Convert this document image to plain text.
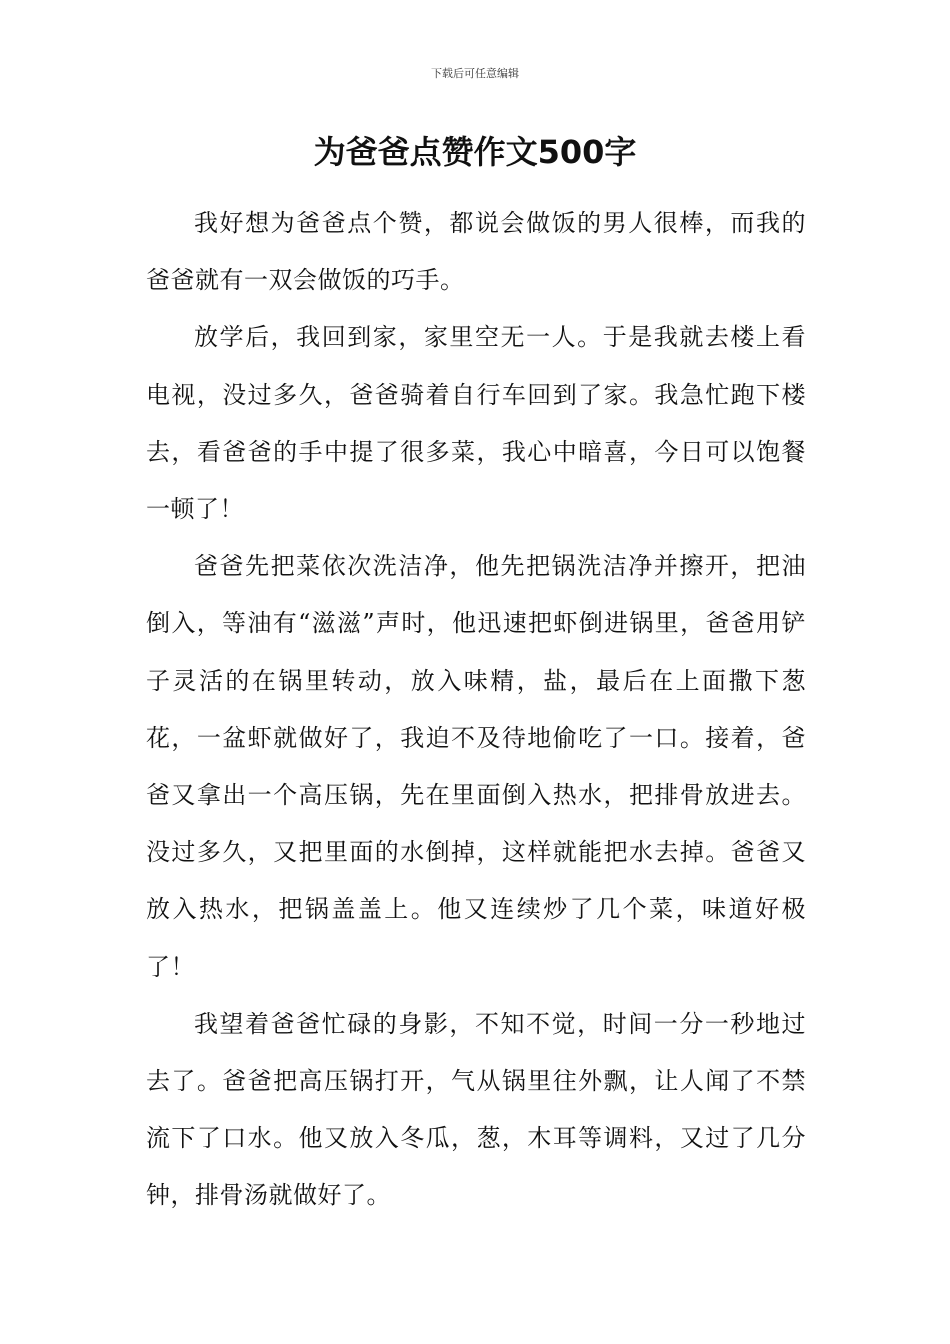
下载后可任意编辑
为爸爸点赞作文500字

我好想为爸爸点个赞，都说会做饭的男人很棒，而我的爸爸就有一双会做饭的巧手。

放学后，我回到家，家里空无一人。于是我就去楼上看电视，没过多久，爸爸骑着自行车回到了家。我急忙跑下楼去，看爸爸的手中提了很多菜，我心中暗喜，今日可以饱餐一顿了！

爸爸先把菜依次洗洁净，他先把锅洗洁净并擦开，把油倒入，等油有“滋滋”声时，他迅速把虾倒进锅里，爸爸用铲子灵活的在锅里转动，放入味精，盐，最后在上面撒下葱花，一盆虾就做好了，我迫不及待地偷吃了一口。接着，爸爸又拿出一个高压锅，先在里面倒入热水，把排骨放进去。没过多久，又把里面的水倒掉，这样就能把水去掉。爸爸又放入热水，把锅盖盖上。他又连续炒了几个菜，味道好极了！

我望着爸爸忙碌的身影，不知不觉，时间一分一秒地过去了。爸爸把高压锅打开，气从锅里往外飘，让人闻了不禁流下了口水。他又放入冬瓜，葱，木耳等调料，又过了几分钟，排骨汤就做好了。
